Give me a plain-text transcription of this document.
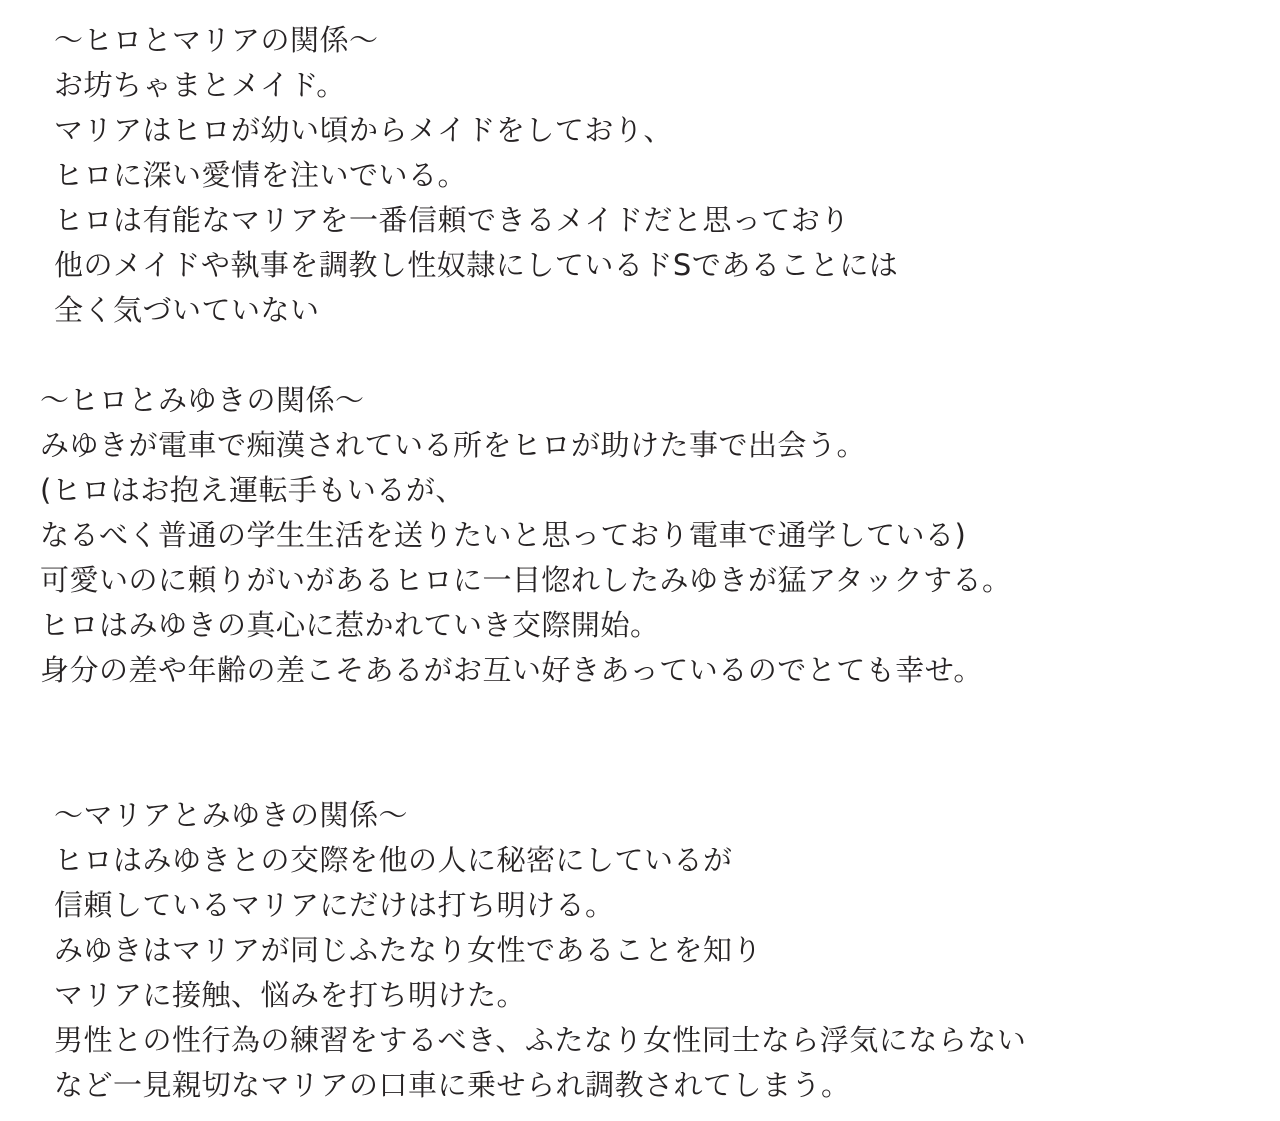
〜ヒロとマリアの関係〜
お坊ちゃまとメイド。
マリアはヒロが幼い頃からメイドをしており、
ヒロに深い愛情を注いでいる。
ヒロは有能なマリアを一番信頼できるメイドだと思っており
他のメイドや執事を調教し性奴隷にしているドSであることには
全く気づいていない
〜ヒロとみゆきの関係〜
みゆきが電車で痴漢されている所をヒロが助けた事で出会う。
(ヒロはお抱え運転手もいるが、
なるべく普通の学生生活を送りたいと思っており電車で通学している)
可愛いのに頼りがいがあるヒロに一目惚れしたみゆきが猛アタックする。
ヒロはみゆきの真心に惹かれていき交際開始。
身分の差や年齢の差こそあるがお互い好きあっているのでとても幸せ。
〜マリアとみゆきの関係〜
ヒロはみゆきとの交際を他の人に秘密にしているが
信頼しているマリアにだけは打ち明ける。
みゆきはマリアが同じふたなり女性であることを知り
マリアに接触、悩みを打ち明けた。
男性との性行為の練習をするべき、ふたなり女性同士なら浮気にならない
など一見親切なマリアの口車に乗せられ調教されてしまう。
